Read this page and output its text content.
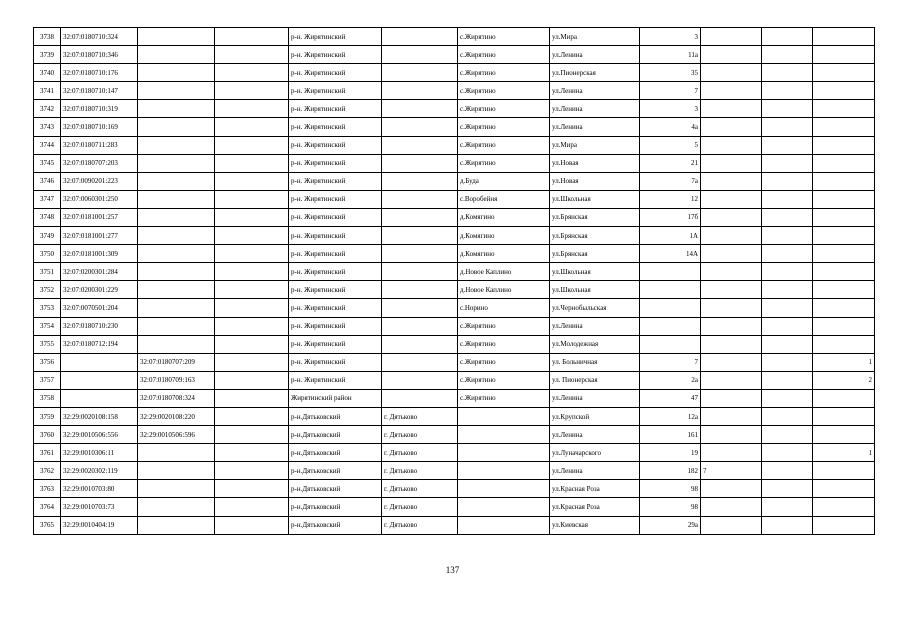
3738	32:07:0180710:324			р-н. Жирятинский		с.Жирятино	ул.Мира	3			
3739	32:07:0180710:346			р-н. Жирятинский		с.Жирятино	ул.Ленина	11а			
3740	32:07:0180710:176			р-н. Жирятинский		с.Жирятино	ул.Пионерская	35			
3741	32:07:0180710:147			р-н. Жирятинский		с.Жирятино	ул.Ленина	7			
3742	32:07:0180710:319			р-н. Жирятинский		с.Жирятино	ул.Ленина	3			
3743	32:07:0180710:169			р-н. Жирятинский		с.Жирятино	ул.Ленина	4а			
3744	32:07:0180711:283			р-н. Жирятинский		с.Жирятино	ул.Мира	5			
3745	32:07:0180707:203			р-н. Жирятинский		с.Жирятино	ул.Новая	21			
3746	32:07:0090201:223			р-н. Жирятинский		д.Буда	ул.Новая	7а			
3747	32:07:0060301:250			р-н. Жирятинский		с.Воробейня	ул.Школьная	12			
3748	32:07:0181001:257			р-н. Жирятинский		д.Комягино	ул.Брянская	17б			
3749	32:07:0181001:277			р-н. Жирятинский		д.Комягино	ул.Брянская	1А			
3750	32:07:0181001:309			р-н. Жирятинский		д.Комягино	ул.Брянская	14А			
3751	32:07:0200301:284			р-н. Жирятинский		д.Новое Каплино	ул.Школьная				
3752	32:07:0200301:229			р-н. Жирятинский		д.Новое Каплино	ул.Школьная				
3753	32:07:0070501:204			р-н. Жирятинский		с.Норино	ул.Чернобыльская				
3754	32:07:0180710:230			р-н. Жирятинский		с.Жирятино	ул.Ленина				
3755	32:07:0180712:194			р-н. Жирятинский		с.Жирятино	ул.Молодежная				
3756		32:07:0180707:209		р-н. Жирятинский		с.Жирятино	ул. Больничная	7			1
3757		32:07:0180709:163		р-н. Жирятинский		с.Жирятино	ул. Пионерская	2а			2
3758		32:07:0180708:324		Жирятинский район		с.Жирятино	ул.Ленина	47			
3759	32:29:0020108:158	32:29:0020108:220		р-н.Дятьковский	г. Дятьково		ул.Крупской	12а			
3760	32:29:0010506:556	32:29:0010506:596		р-н.Дятьковский	г. Дятьково		ул.Ленина	161			
3761	32:29:0010306:11			р-н.Дятьковский	г. Дятьково		ул.Луначарского	19			1
3762	32:29:0020302:119			р-н.Дятьковский	г. Дятьково		ул.Ленина	182	7		
3763	32:29:0010703:80			р-н.Дятьковский	г. Дятьково		ул.Красная Роза	98			
3764	32:29:0010703:73			р-н.Дятьковский	г. Дятьково		ул.Красная Роза	98			
3765	32:29:0010404:19			р-н.Дятьковский	г. Дятьково		ул.Киевская	29а			
137
